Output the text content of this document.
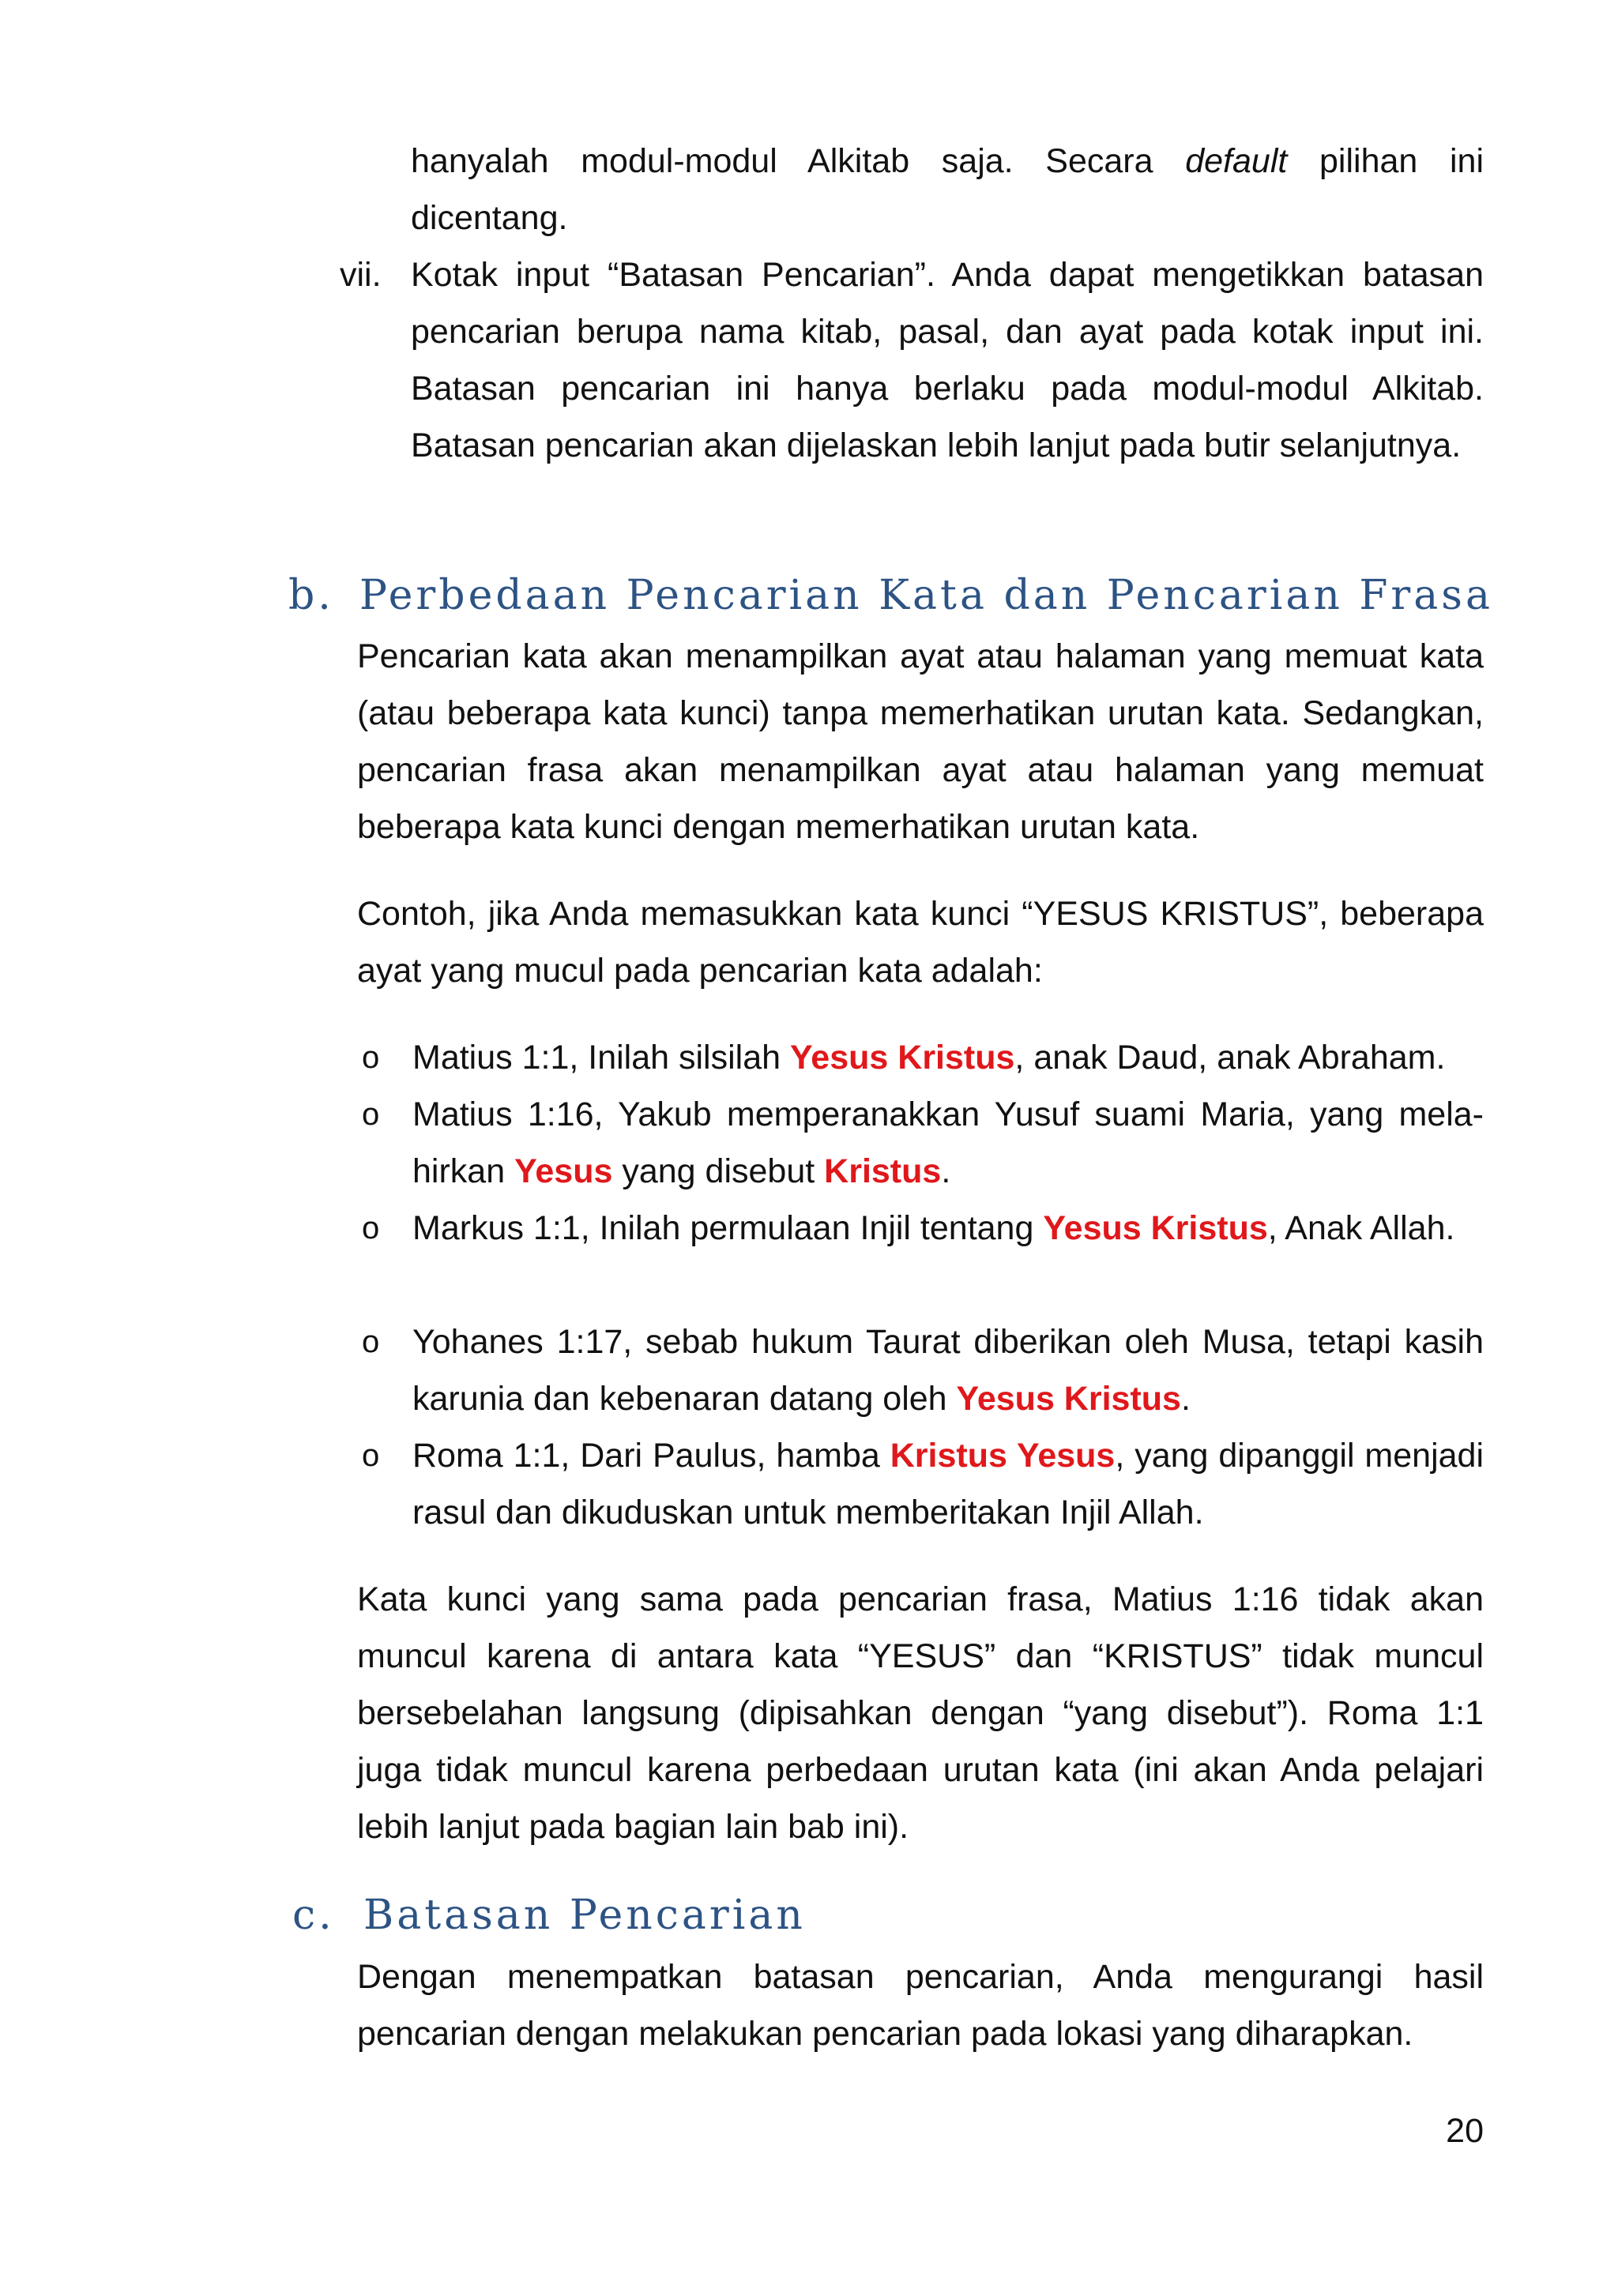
hanyalah modul-modul Alkitab saja. Secara default pilihan ini dicentang.

vii. Kotak input “Batasan Pencarian”. Anda dapat mengetikkan batasan pencarian berupa nama kitab, pasal, dan ayat pada kotak input ini. Batasan pencarian ini hanya berlaku pada modul-modul Alkitab. Batasan pencarian akan dijelaskan lebih lanjut pada butir selanjutnya.

b. Perbedaan Pencarian Kata dan Pencarian Frasa

Pencarian kata akan menampilkan ayat atau halaman yang memuat kata (atau beberapa kata kunci) tanpa memerhatikan urutan kata. Sedangkan, pencarian frasa akan menampilkan ayat atau halaman yang memuat beberapa kata kunci dengan memerhatikan urutan kata.

Contoh, jika Anda memasukkan kata kunci “YESUS KRISTUS”, beberapa ayat yang mucul pada pencarian kata adalah:

o Matius 1:1, Inilah silsilah Yesus Kristus, anak Daud, anak Abraham.

o Matius 1:16, Yakub memperanakkan Yusuf suami Maria, yang mela-hirkan Yesus yang disebut Kristus.

o Markus 1:1, Inilah permulaan Injil tentang Yesus Kristus, Anak Allah.

o Yohanes 1:17, sebab hukum Taurat diberikan oleh Musa, tetapi kasih karunia dan kebenaran datang oleh Yesus Kristus.

o Roma 1:1, Dari Paulus, hamba Kristus Yesus, yang dipanggil menjadi rasul dan dikuduskan untuk memberitakan Injil Allah.

Kata kunci yang sama pada pencarian frasa, Matius 1:16 tidak akan muncul karena di antara kata “YESUS” dan “KRISTUS” tidak muncul bersebelahan langsung (dipisahkan dengan “yang disebut”). Roma 1:1 juga tidak muncul karena perbedaan urutan kata (ini akan Anda pelajari lebih lanjut pada bagian lain bab ini).

c. Batasan Pencarian

Dengan menempatkan batasan pencarian, Anda mengurangi hasil pencarian dengan melakukan pencarian pada lokasi yang diharapkan.

20
